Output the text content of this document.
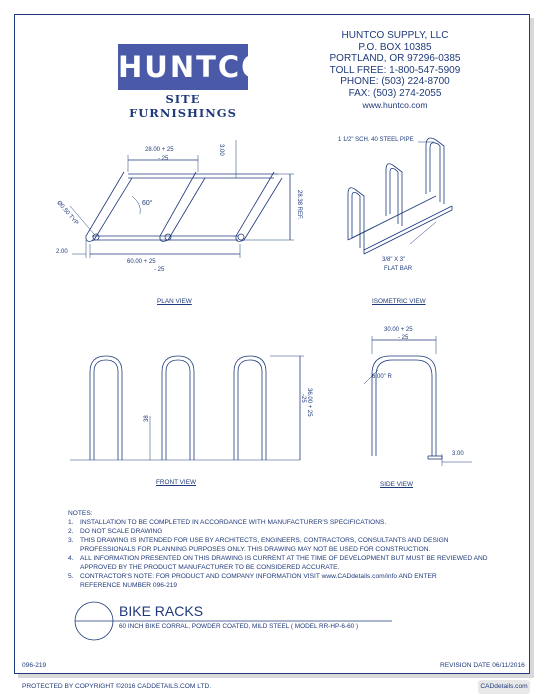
HUNTCO
SITE FURNISHINGS
HUNTCO SUPPLY, LLC
P.O. BOX 10385
PORTLAND, OR 97296-0385
TOLL FREE: 1-800-547-5909
PHONE: (503) 224-8700
FAX: (503) 274-2055
www.huntco.com
28.00 + 25
- 25
3.00
28.38 REF.
60°
Ø0.50 TYP
2.00
60.00 + 25
- 25
PLAN VIEW
1 1/2" SCH. 40 STEEL PIPE
3/8" X 3"
FLAT BAR
ISOMETRIC VIEW
36.00 + 25
-25
38
FRONT VIEW
30.00 + 25
- 25
6.00" R
3.00
SIDE VIEW
NOTES:
1. INSTALLATION TO BE COMPLETED IN ACCORDANCE WITH MANUFACTURER'S SPECIFICATIONS.
2. DO NOT SCALE DRAWING
3. THIS DRAWING IS INTENDED FOR USE BY ARCHITECTS, ENGINEERS, CONTRACTORS, CONSULTANTS AND DESIGN
PROFESSIONALS FOR PLANNING PURPOSES ONLY. THIS DRAWING MAY NOT BE USED FOR CONSTRUCTION.
4. ALL INFORMATION PRESENTED ON THIS DRAWING IS CURRENT AT THE TIME OF DEVELOPMENT BUT MUST BE REVIEWED AND
APPROVED BY THE PRODUCT MANUFACTURER TO BE CONSIDERED ACCURATE.
5. CONTRACTOR'S NOTE: FOR PRODUCT AND COMPANY INFORMATION VISIT www.CADdetails.com/info AND ENTER
REFERENCE NUMBER 096-219
BIKE RACKS
60 INCH BIKE CORRAL, POWDER COATED, MILD STEEL ( MODEL RR-HP-6-60 )
096-219	REVISION DATE 06/11/2016
PROTECTED BY COPYRIGHT ©2016 CADDETAILS.COM LTD.	CADdetails.com
